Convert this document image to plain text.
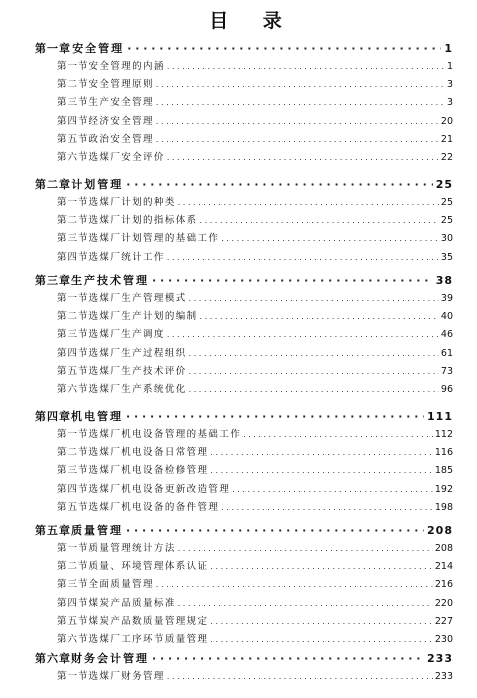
目 录
第一章 安全管理 · · ·	1
第一节 安全管理的内涵 . . .	1
第二节 安全管理原则 . . .	3
第三节 生产安全管理 . . .	3
第四节 经济安全管理 . . .	20
第五节 政治安全管理 . . .	21
第六节 选煤厂安全评价 . . .	22
第二章 计划管理 · · ·	25
第一节 选煤厂计划的种类 . . .	25
第二节 选煤厂计划的指标体系 . . .	25
第三节 选煤厂计划管理的基础工作 . . .	30
第四节 选煤厂统计工作 . . .	35
第三章 生产技术管理 · · ·	38
第一节 选煤厂生产管理模式 . . .	39
第二节 选煤厂生产计划的编制 . . .	40
第三节 选煤厂生产调度 . . .	46
第四节 选煤厂生产过程组织 . . .	61
第五节 选煤厂生产技术评价 . . .	73
第六节 选煤厂生产系统优化 . . .	96
第四章 机电管理 · · ·	111
第一节 选煤厂机电设备管理的基础工作 . . .	112
第二节 选煤厂机电设备日常管理 . . .	116
第三节 选煤厂机电设备检修管理 . . .	185
第四节 选煤厂机电设备更新改造管理 . . .	192
第五节 选煤厂机电设备的备件管理 . . .	198
第五章 质量管理 · · ·	208
第一节 质量管理统计方法 . . .	208
第二节 质量、环境管理体系认证 . . .	214
第三节 全面质量管理 . . .	216
第四节 煤炭产品质量标准 . . .	220
第五节 煤炭产品数质量管理规定 . . .	227
第六节 选煤厂工序环节质量管理 . . .	230
第六章 财务会计管理 · · ·	233
第一节 选煤厂财务管理 . . .	233
